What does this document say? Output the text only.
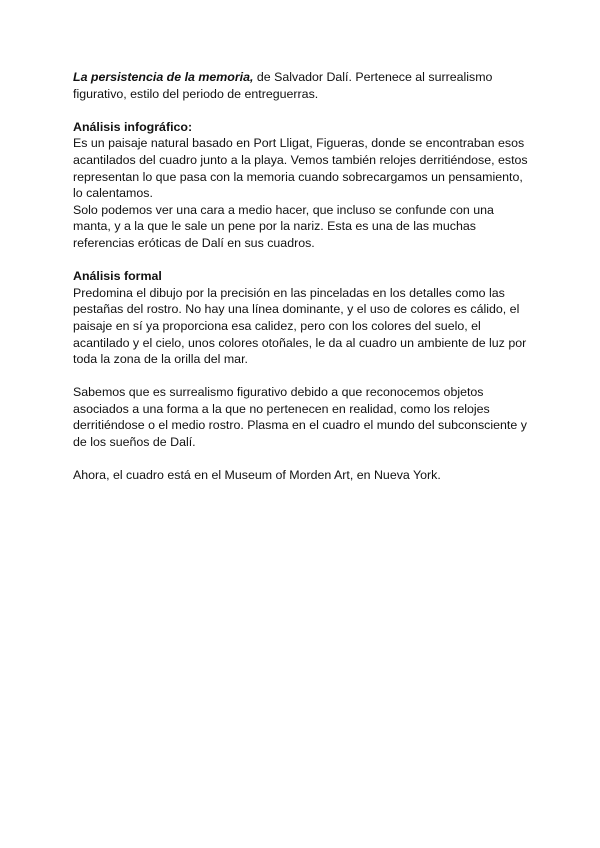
La persistencia de la memoria, de Salvador Dalí. Pertenece al surrealismo figurativo, estilo del periodo de entreguerras.

Análisis infográfico:

Es un paisaje natural basado en Port Lligat, Figueras, donde se encontraban esos acantilados del cuadro junto a la playa. Vemos también relojes derritiéndose, estos representan lo que pasa con la memoria cuando sobrecargamos un pensamiento, lo calentamos.

Solo podemos ver una cara a medio hacer, que incluso se confunde con una manta, y a la que le sale un pene por la nariz. Esta es una de las muchas referencias eróticas de Dalí en sus cuadros.

Análisis formal

Predomina el dibujo por la precisión en las pinceladas en los detalles como las pestañas del rostro. No hay una línea dominante, y el uso de colores es cálido, el paisaje en sí ya proporciona esa calidez, pero con los colores del suelo, el acantilado y el cielo, unos colores otoñales, le da al cuadro un ambiente de luz por toda la zona de la orilla del mar.

Sabemos que es surrealismo figurativo debido a que reconocemos objetos asociados a una forma a la que no pertenecen en realidad, como los relojes derritiéndose o el medio rostro. Plasma en el cuadro el mundo del subconsciente y de los sueños de Dalí.

Ahora, el cuadro está en el Museum of Morden Art, en Nueva York.
